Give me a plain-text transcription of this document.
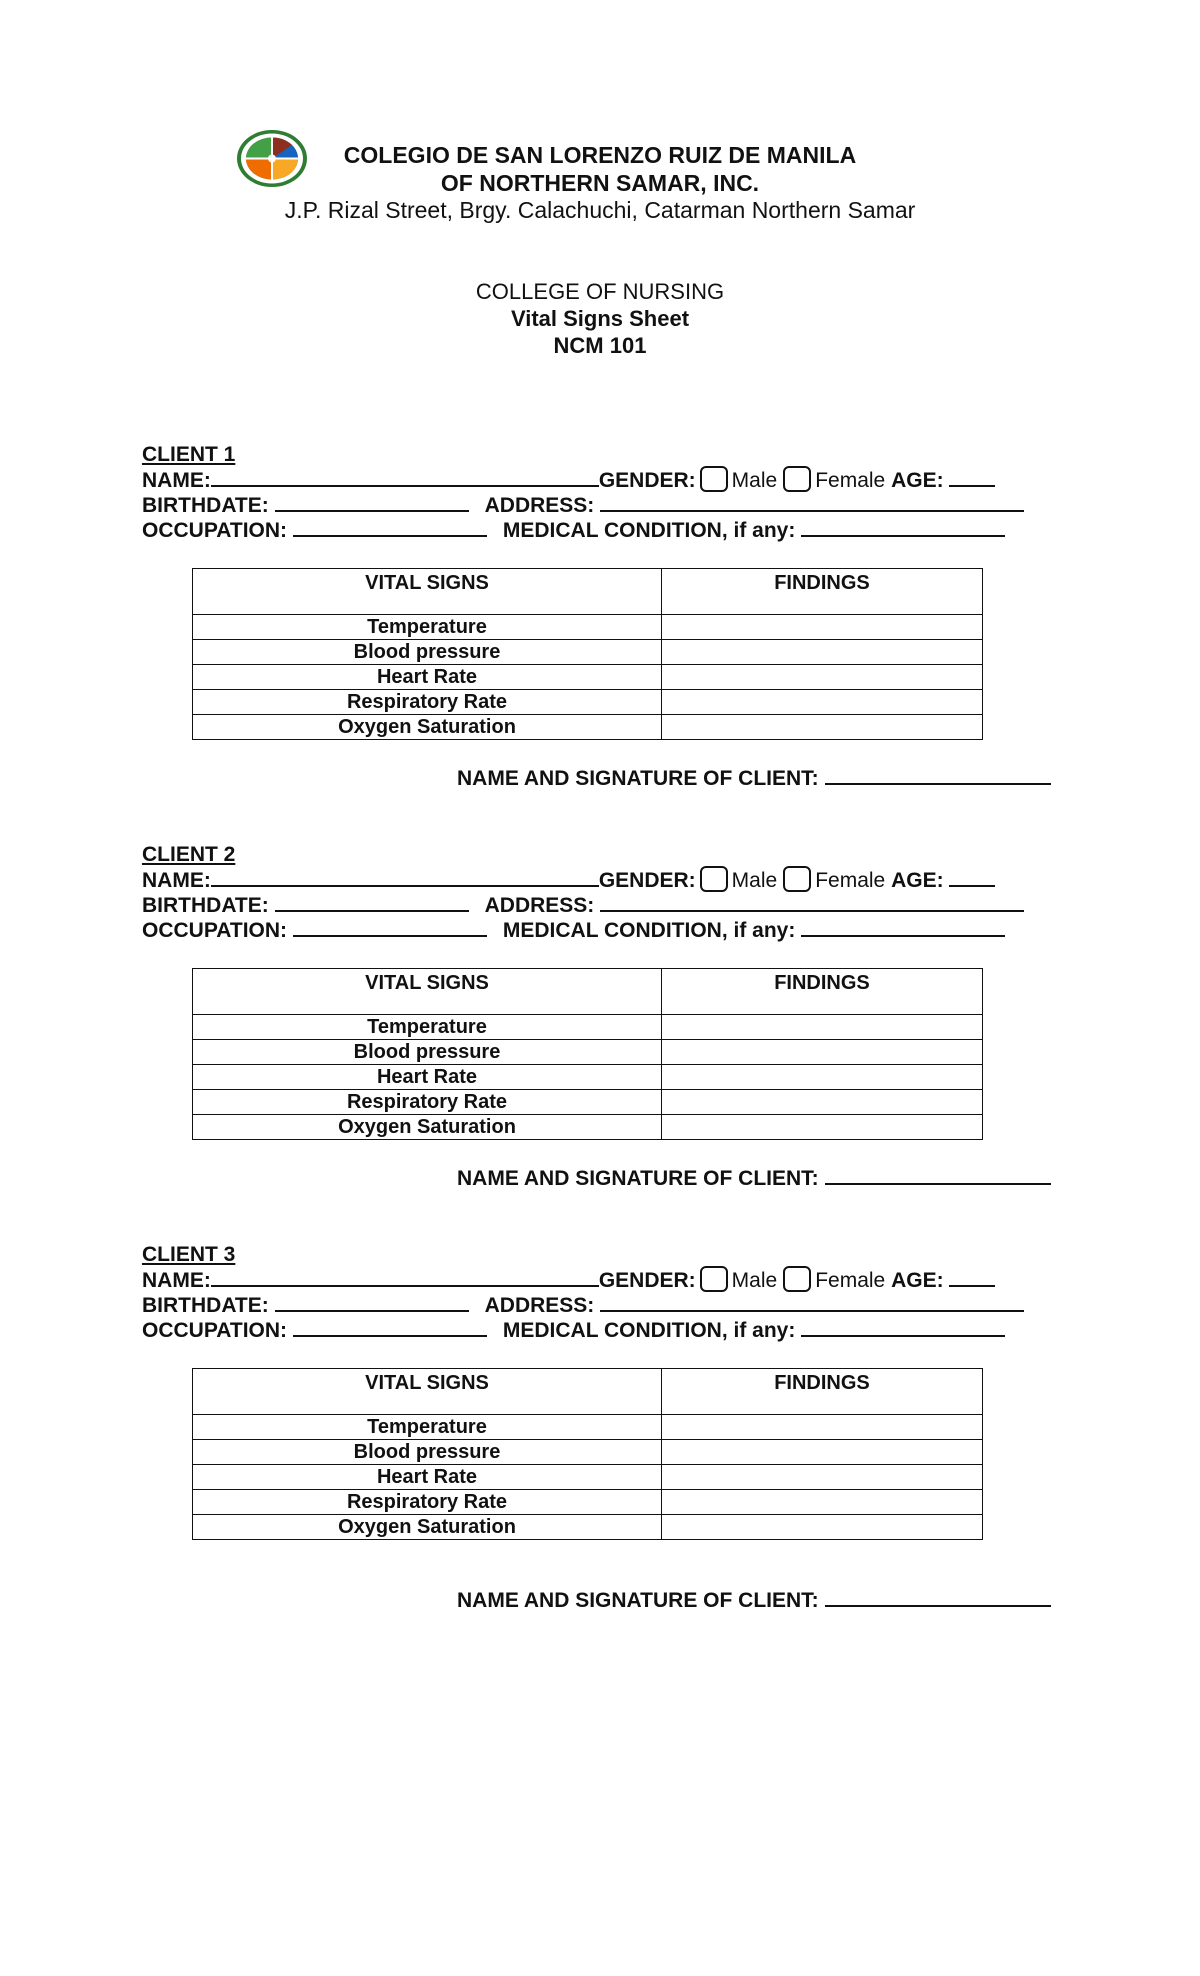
COLEGIO DE SAN LORENZO RUIZ DE MANILA
OF NORTHERN SAMAR, INC.
J.P. Rizal Street, Brgy. Calachuchi, Catarman Northern Samar
COLLEGE OF NURSING
Vital Signs Sheet
NCM 101
CLIENT 1
NAME:	GENDER: Male Female AGE:
BIRTHDATE:	ADDRESS:
OCCUPATION:	MEDICAL CONDITION, if any:
VITAL SIGNS	FINDINGS
Temperature	
Blood pressure	
Heart Rate	
Respiratory Rate	
Oxygen Saturation	
NAME AND SIGNATURE OF CLIENT:
CLIENT 2
NAME:	GENDER: Male Female AGE:
BIRTHDATE:	ADDRESS:
OCCUPATION:	MEDICAL CONDITION, if any:
VITAL SIGNS	FINDINGS
Temperature	
Blood pressure	
Heart Rate	
Respiratory Rate	
Oxygen Saturation	
NAME AND SIGNATURE OF CLIENT:
CLIENT 3
NAME:	GENDER: Male Female AGE:
BIRTHDATE:	ADDRESS:
OCCUPATION:	MEDICAL CONDITION, if any:
VITAL SIGNS	FINDINGS
Temperature	
Blood pressure	
Heart Rate	
Respiratory Rate	
Oxygen Saturation	
NAME AND SIGNATURE OF CLIENT:
